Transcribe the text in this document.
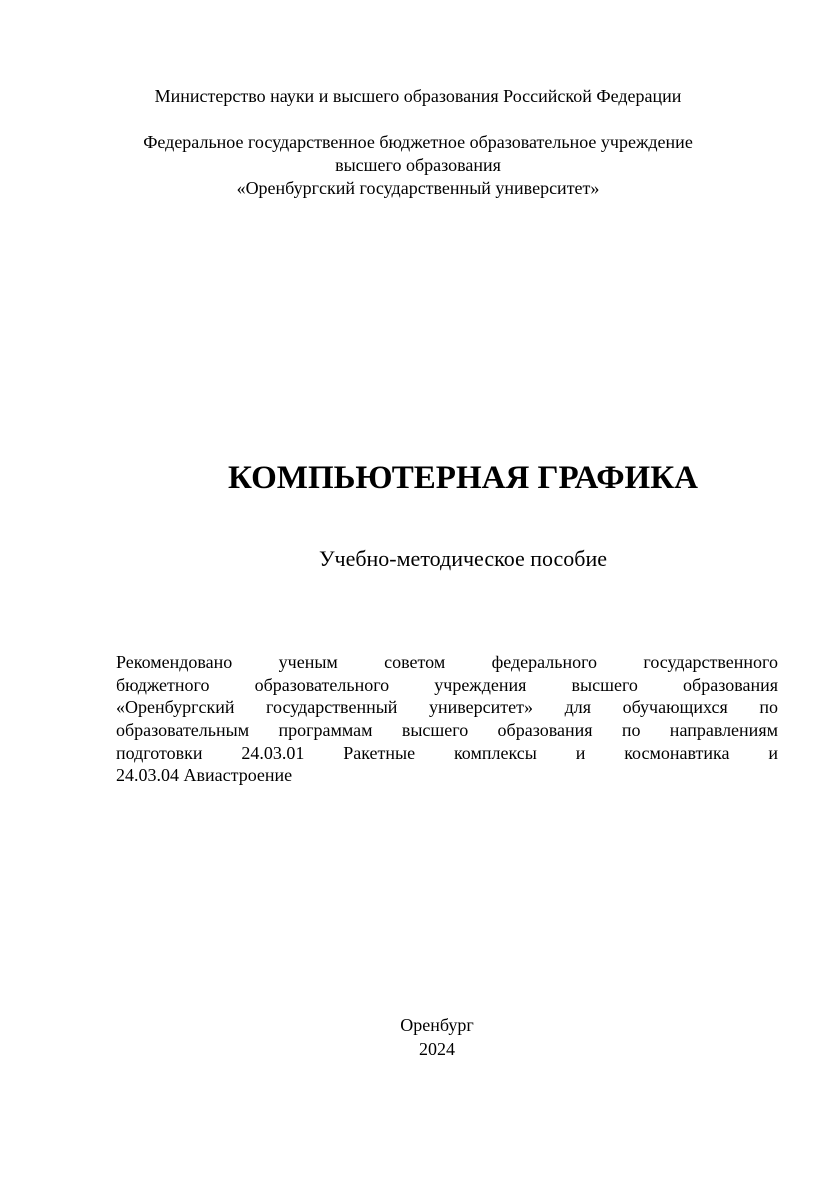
Министерство науки и высшего образования Российской Федерации
Федеральное государственное бюджетное образовательное учреждение
высшего образования
«Оренбургский государственный университет»
КОМПЬЮТЕРНАЯ ГРАФИКА
Учебно-методическое пособие
Рекомендовано ученым советом федерального государственного
бюджетного образовательного учреждения высшего образования
«Оренбургский государственный университет» для обучающихся по
образовательным программам высшего образования по направлениям
подготовки 24.03.01 Ракетные комплексы и космонавтика и
24.03.04 Авиастроение
Оренбург
2024
